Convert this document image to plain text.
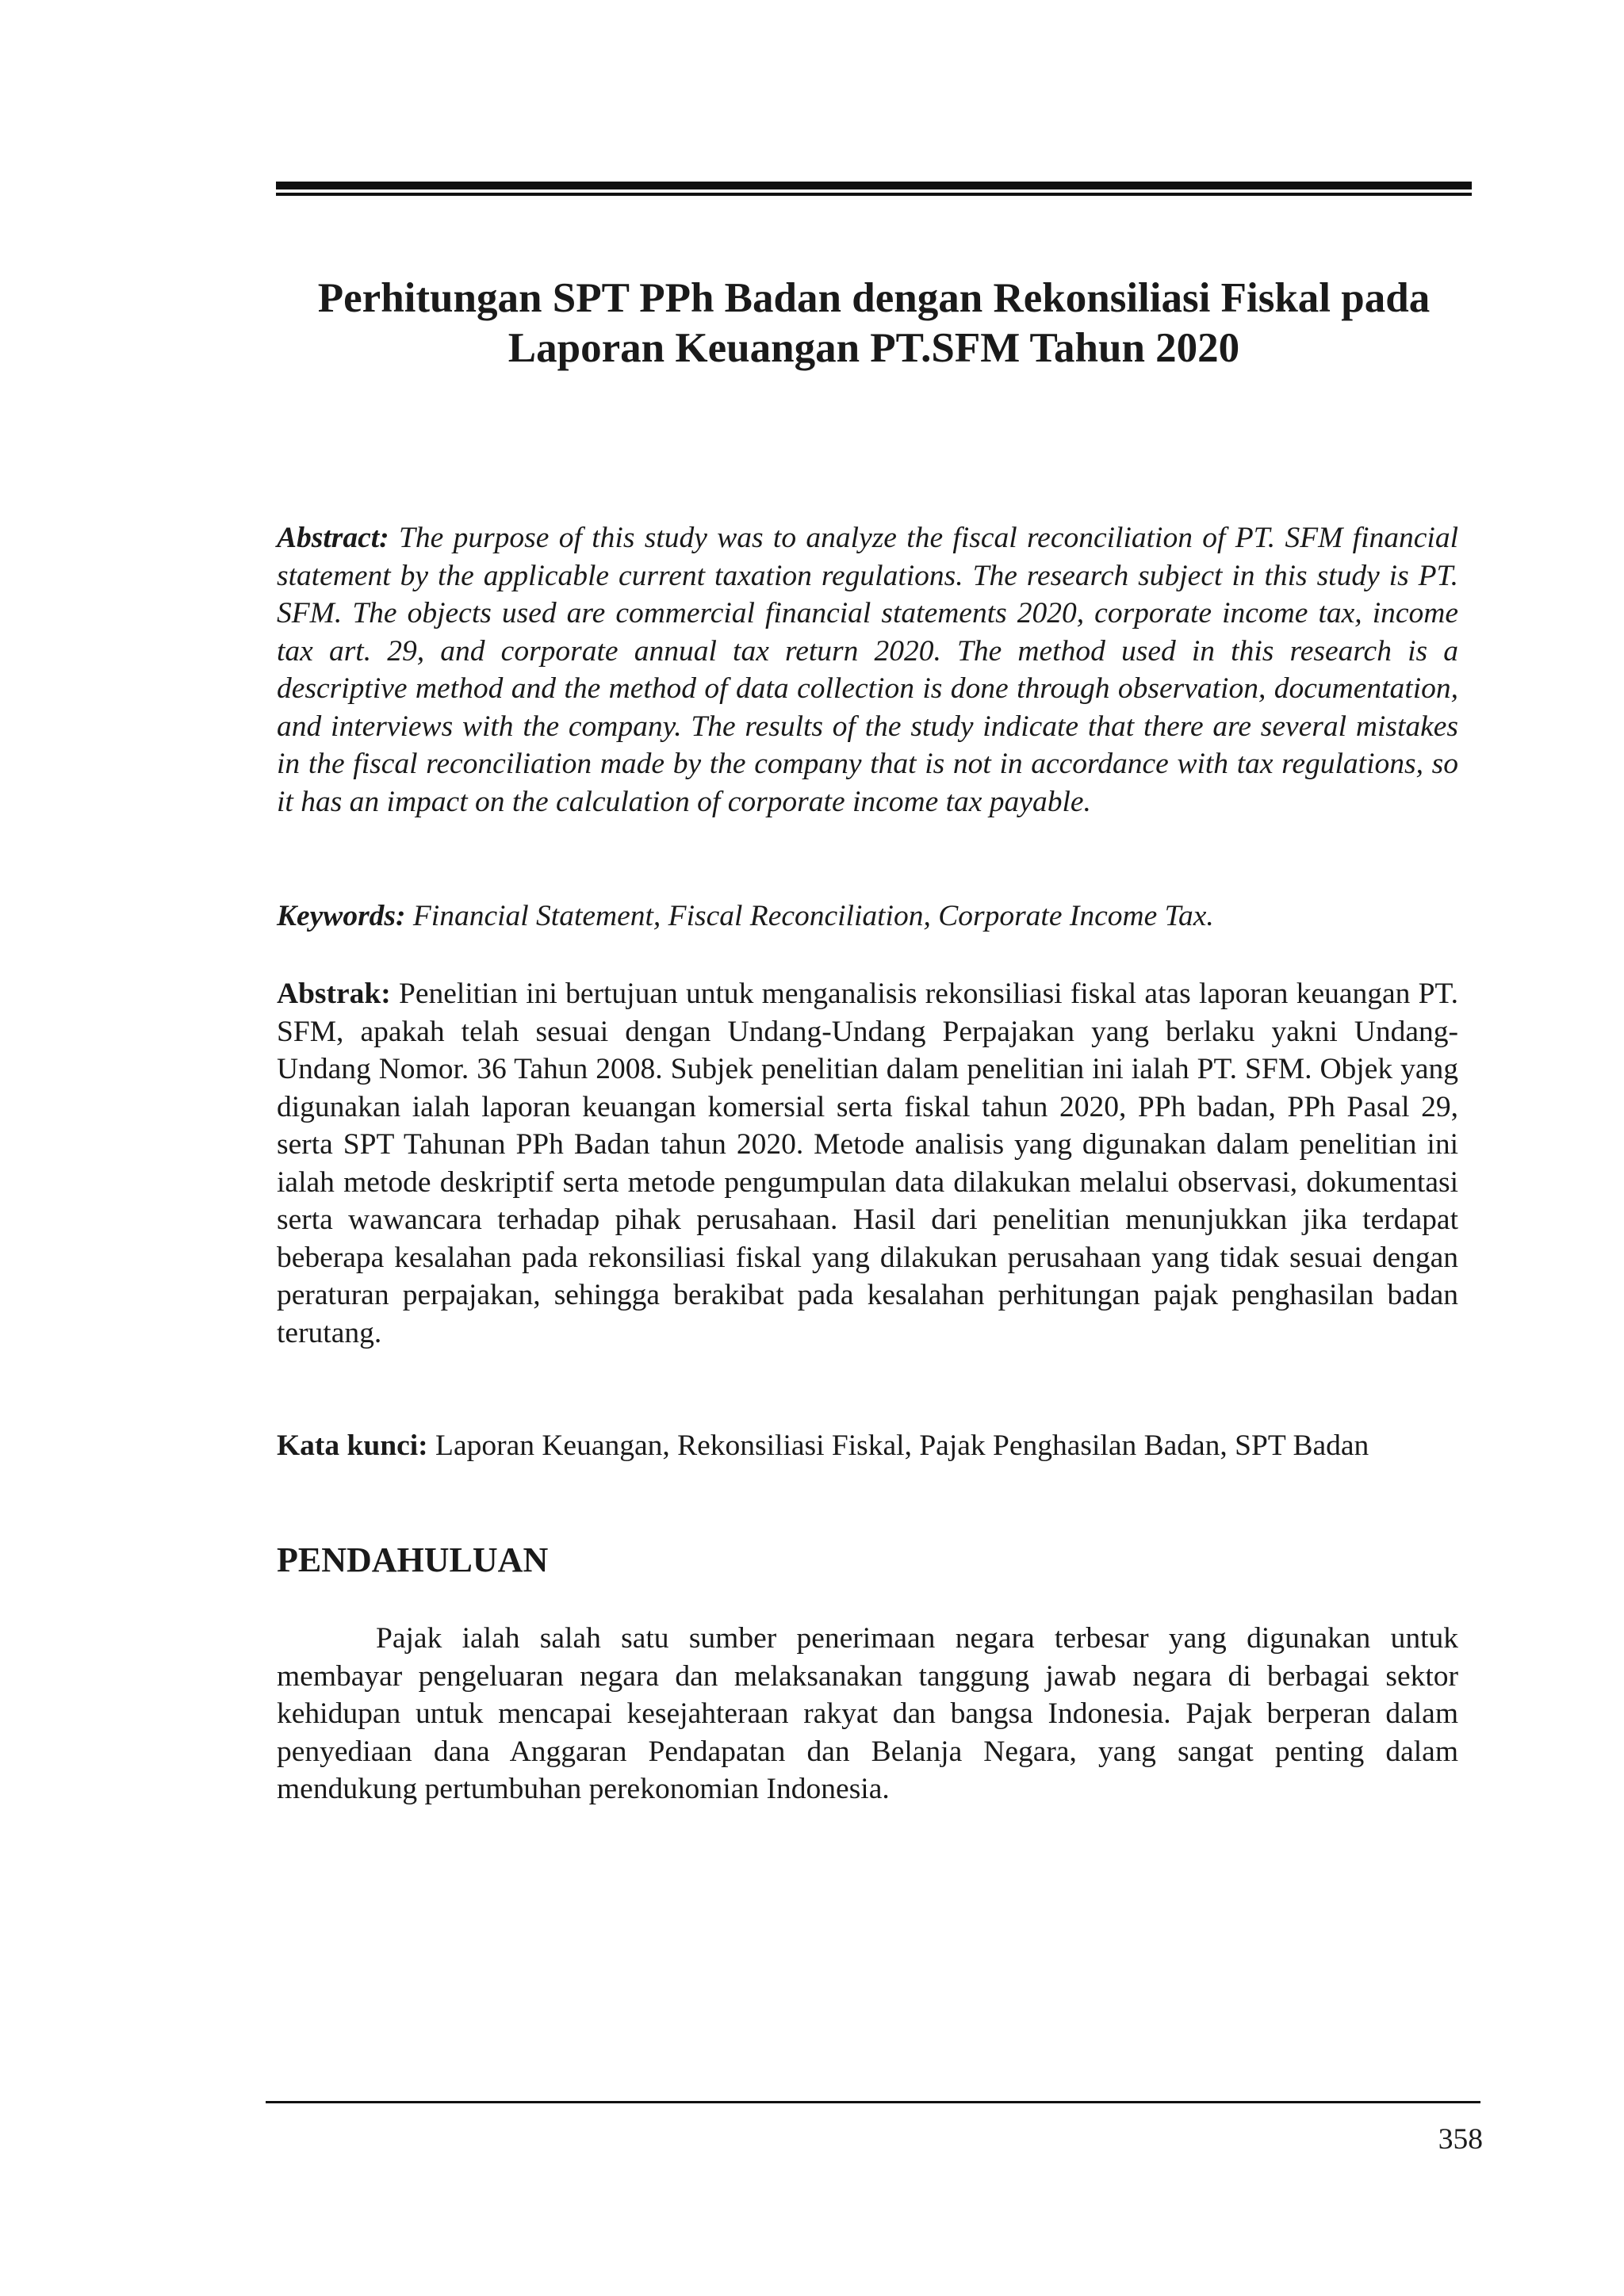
Perhitungan SPT PPh Badan dengan Rekonsiliasi Fiskal pada
Laporan Keuangan PT.SFM Tahun 2020
Abstract: The purpose of this study was to analyze the fiscal reconciliation of PT. SFM financial statement by the applicable current taxation regulations. The research subject in this study is PT. SFM. The objects used are commercial financial statements 2020, corporate income tax, income tax art. 29, and corporate annual tax return 2020. The method used in this research is a descriptive method and the method of data collection is done through observation, documentation, and interviews with the company. The results of the study indicate that there are several mistakes in the fiscal reconciliation made by the company that is not in accordance with tax regulations, so it has an impact on the calculation of corporate income tax payable.
Keywords: Financial Statement, Fiscal Reconciliation, Corporate Income Tax.
Abstrak: Penelitian ini bertujuan untuk menganalisis rekonsiliasi fiskal atas laporan keuangan PT. SFM, apakah telah sesuai dengan Undang-Undang Perpajakan yang berlaku yakni Undang- Undang Nomor. 36 Tahun 2008. Subjek penelitian dalam penelitian ini ialah PT. SFM. Objek yang digunakan ialah laporan keuangan komersial serta fiskal tahun 2020, PPh badan, PPh Pasal 29, serta SPT Tahunan PPh Badan tahun 2020. Metode analisis yang digunakan dalam penelitian ini ialah metode deskriptif serta metode pengumpulan data dilakukan melalui observasi, dokumentasi serta wawancara terhadap pihak perusahaan. Hasil dari penelitian menunjukkan jika terdapat beberapa kesalahan pada rekonsiliasi fiskal yang dilakukan perusahaan yang tidak sesuai dengan peraturan perpajakan, sehingga berakibat pada kesalahan perhitungan pajak penghasilan badan terutang.
Kata kunci: Laporan Keuangan, Rekonsiliasi Fiskal, Pajak Penghasilan Badan, SPT Badan
PENDAHULUAN
Pajak ialah salah satu sumber penerimaan negara terbesar yang digunakan untuk membayar pengeluaran negara dan melaksanakan tanggung jawab negara di berbagai sektor kehidupan untuk mencapai kesejahteraan rakyat dan bangsa Indonesia. Pajak berperan dalam penyediaan dana Anggaran Pendapatan dan Belanja Negara, yang sangat penting dalam mendukung pertumbuhan perekonomian Indonesia.
358
